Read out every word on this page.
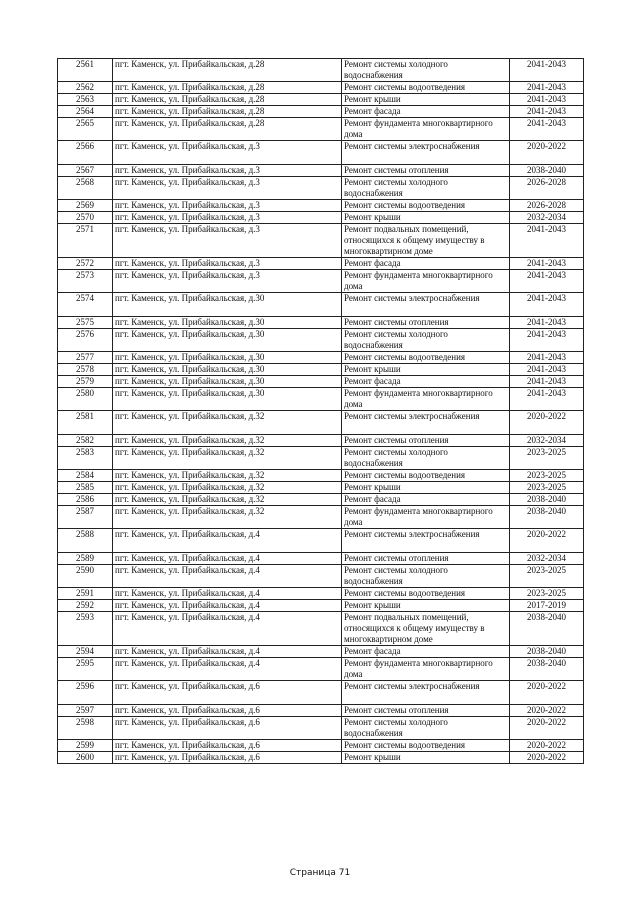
2561	пгт. Каменск, ул. Прибайкальская, д.28	Ремонт системы холодного водоснабжения	2041-2043
2562	пгт. Каменск, ул. Прибайкальская, д.28	Ремонт системы водоотведения	2041-2043
2563	пгт. Каменск, ул. Прибайкальская, д.28	Ремонт крыши	2041-2043
2564	пгт. Каменск, ул. Прибайкальская, д.28	Ремонт фасада	2041-2043
2565	пгт. Каменск, ул. Прибайкальская, д.28	Ремонт фундамента многоквартирного дома	2041-2043
2566	пгт. Каменск, ул. Прибайкальская, д.3	Ремонт системы электроснабжения	2020-2022
2567	пгт. Каменск, ул. Прибайкальская, д.3	Ремонт системы отопления	2038-2040
2568	пгт. Каменск, ул. Прибайкальская, д.3	Ремонт системы холодного водоснабжения	2026-2028
2569	пгт. Каменск, ул. Прибайкальская, д.3	Ремонт системы водоотведения	2026-2028
2570	пгт. Каменск, ул. Прибайкальская, д.3	Ремонт крыши	2032-2034
2571	пгт. Каменск, ул. Прибайкальская, д.3	Ремонт подвальных помещений, относящихся к общему имуществу в многоквартирном доме	2041-2043
2572	пгт. Каменск, ул. Прибайкальская, д.3	Ремонт фасада	2041-2043
2573	пгт. Каменск, ул. Прибайкальская, д.3	Ремонт фундамента многоквартирного дома	2041-2043
2574	пгт. Каменск, ул. Прибайкальская, д.30	Ремонт системы электроснабжения	2041-2043
2575	пгт. Каменск, ул. Прибайкальская, д.30	Ремонт системы отопления	2041-2043
2576	пгт. Каменск, ул. Прибайкальская, д.30	Ремонт системы холодного водоснабжения	2041-2043
2577	пгт. Каменск, ул. Прибайкальская, д.30	Ремонт системы водоотведения	2041-2043
2578	пгт. Каменск, ул. Прибайкальская, д.30	Ремонт крыши	2041-2043
2579	пгт. Каменск, ул. Прибайкальская, д.30	Ремонт фасада	2041-2043
2580	пгт. Каменск, ул. Прибайкальская, д.30	Ремонт фундамента многоквартирного дома	2041-2043
2581	пгт. Каменск, ул. Прибайкальская, д.32	Ремонт системы электроснабжения	2020-2022
2582	пгт. Каменск, ул. Прибайкальская, д.32	Ремонт системы отопления	2032-2034
2583	пгт. Каменск, ул. Прибайкальская, д.32	Ремонт системы холодного водоснабжения	2023-2025
2584	пгт. Каменск, ул. Прибайкальская, д.32	Ремонт системы водоотведения	2023-2025
2585	пгт. Каменск, ул. Прибайкальская, д.32	Ремонт крыши	2023-2025
2586	пгт. Каменск, ул. Прибайкальская, д.32	Ремонт фасада	2038-2040
2587	пгт. Каменск, ул. Прибайкальская, д.32	Ремонт фундамента многоквартирного дома	2038-2040
2588	пгт. Каменск, ул. Прибайкальская, д.4	Ремонт системы электроснабжения	2020-2022
2589	пгт. Каменск, ул. Прибайкальская, д.4	Ремонт системы отопления	2032-2034
2590	пгт. Каменск, ул. Прибайкальская, д.4	Ремонт системы холодного водоснабжения	2023-2025
2591	пгт. Каменск, ул. Прибайкальская, д.4	Ремонт системы водоотведения	2023-2025
2592	пгт. Каменск, ул. Прибайкальская, д.4	Ремонт крыши	2017-2019
2593	пгт. Каменск, ул. Прибайкальская, д.4	Ремонт подвальных помещений, относящихся к общему имуществу в многоквартирном доме	2038-2040
2594	пгт. Каменск, ул. Прибайкальская, д.4	Ремонт фасада	2038-2040
2595	пгт. Каменск, ул. Прибайкальская, д.4	Ремонт фундамента многоквартирного дома	2038-2040
2596	пгт. Каменск, ул. Прибайкальская, д.6	Ремонт системы электроснабжения	2020-2022
2597	пгт. Каменск, ул. Прибайкальская, д.6	Ремонт системы отопления	2020-2022
2598	пгт. Каменск, ул. Прибайкальская, д.6	Ремонт системы холодного водоснабжения	2020-2022
2599	пгт. Каменск, ул. Прибайкальская, д.6	Ремонт системы водоотведения	2020-2022
2600	пгт. Каменск, ул. Прибайкальская, д.6	Ремонт крыши	2020-2022
Страница 71
